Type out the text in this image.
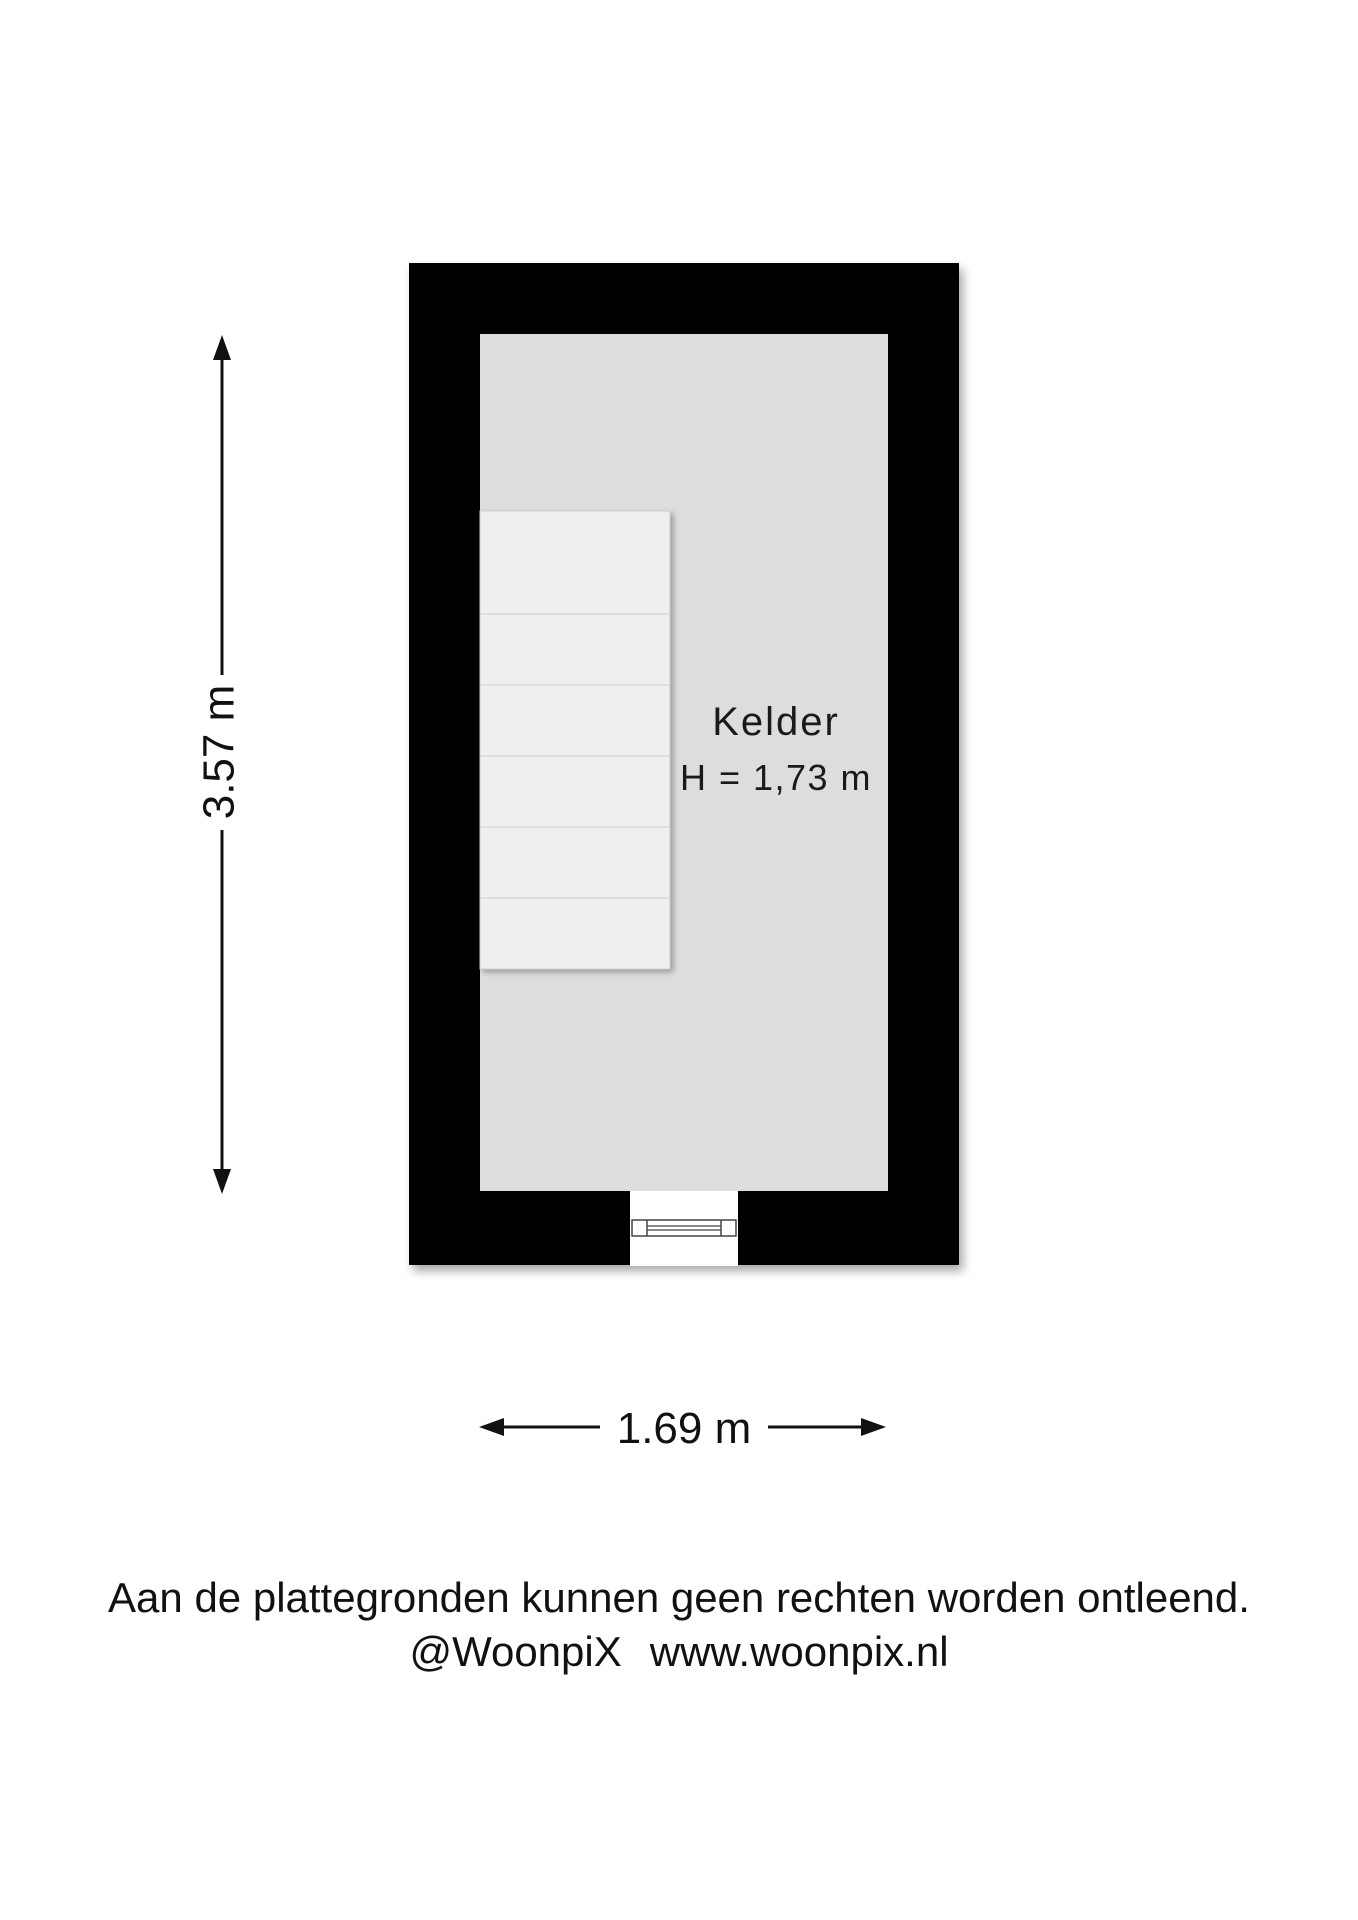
Kelder
H = 1,73 m
3.57 m
1.69 m
Aan de plattegronden kunnen geen rechten worden ontleend.
@WoonpiX www.woonpix.nl
